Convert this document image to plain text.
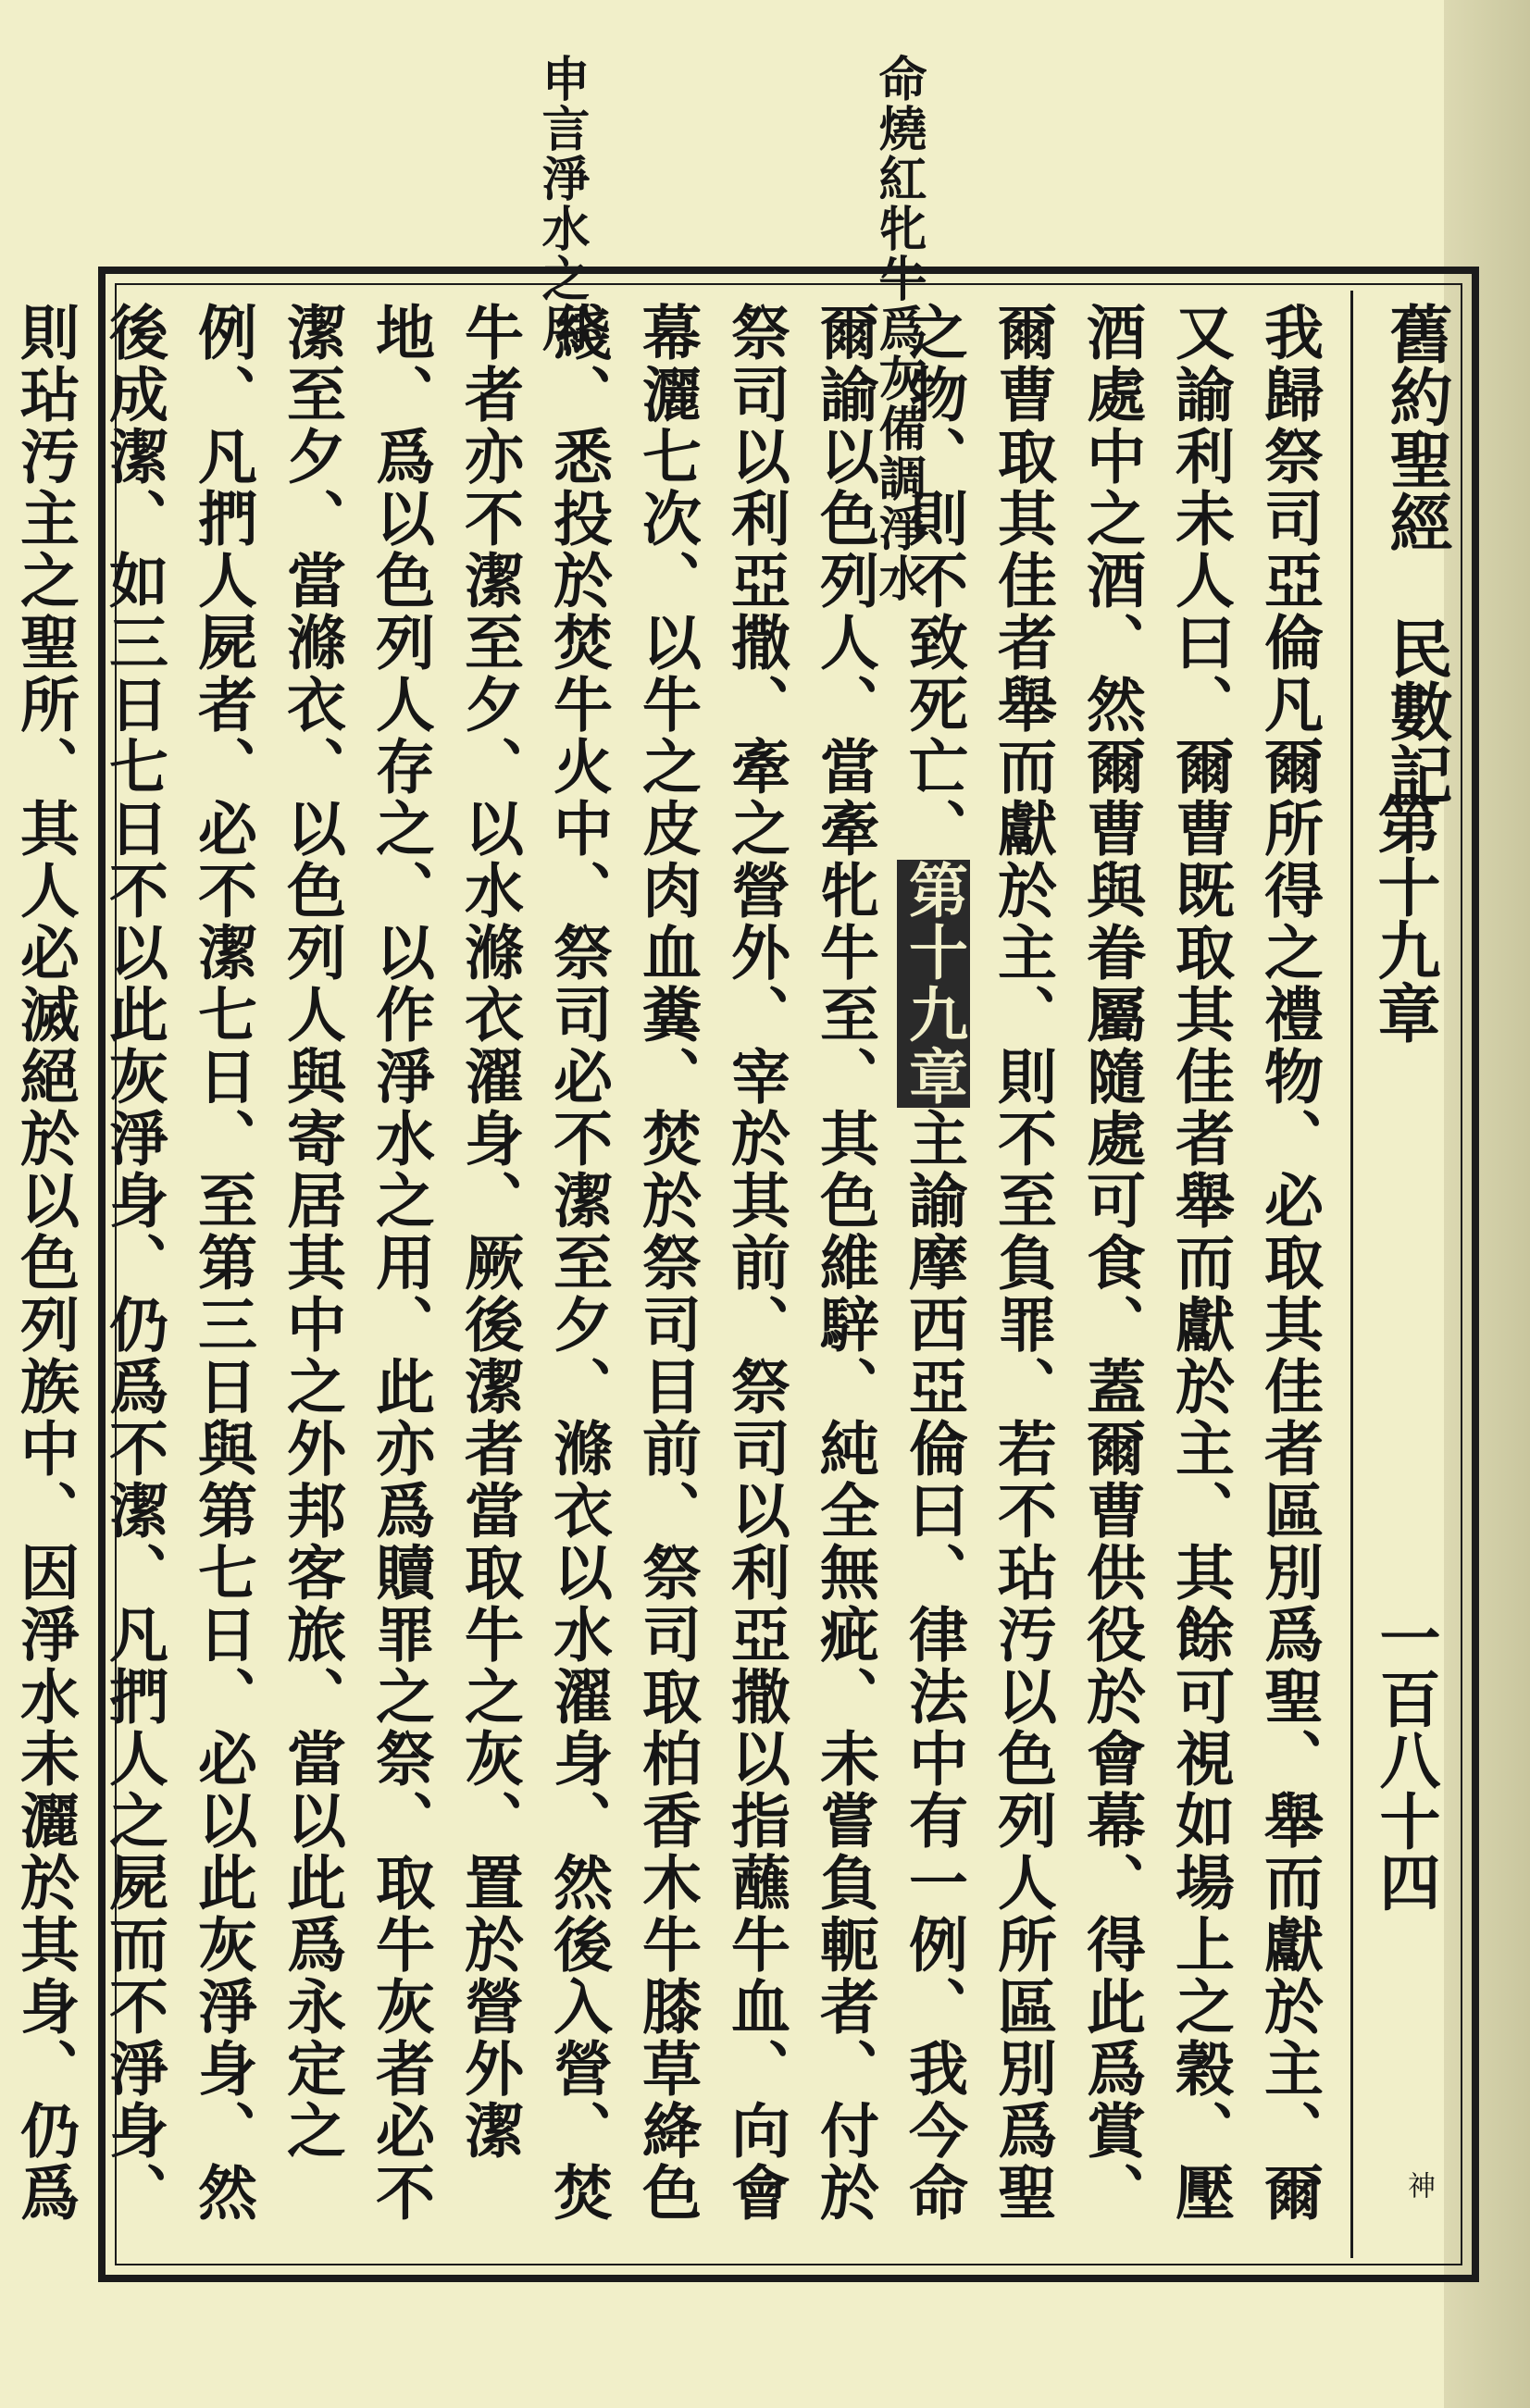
命燒紅牝牛爲灰備調淨水
申言淨水之用
舊約聖經　民數記
第十九章
一百八十四
神

我歸祭司亞倫凡爾所得之禮物、必取其佳者區別爲聖、舉而獻於主、爾又諭利未人曰、爾曹既取其佳者舉而獻於主、其餘可視如場上之穀、壓酒處中之酒、然爾曹與眷屬隨處可食、蓋爾曹供役於會幕、得此爲賞、爾曹取其佳者舉而獻於主、則不至負罪、若不玷汚以色列人所區別爲聖之物、則不致死亡、第十九章主諭摩西亞倫曰、律法中有一例、我今命爾諭以色列人、當牽牝牛至、其色維騂、純全無疵、未嘗負軛者、付於祭司以利亞撒、牽之營外、宰於其前、祭司以利亞撒以指蘸牛血、向會幕灑七次、以牛之皮肉血糞、焚於祭司目前、祭司取柏香木牛膝草絳色綫、悉投於焚牛火中、祭司必不潔至夕、滌衣以水濯身、然後入營、焚牛者亦不潔至夕、以水滌衣濯身、厥後潔者當取牛之灰、置於營外潔地、爲以色列人存之、以作淨水之用、此亦爲贖罪之祭、取牛灰者必不潔至夕、當滌衣、以色列人與寄居其中之外邦客旅、當以此爲永定之例、凡捫人屍者、必不潔七日、至第三日與第七日、必以此灰淨身、然後成潔、如三日七日不以此灰淨身、仍爲不潔、凡捫人之屍而不淨身、則玷汚主之聖所、其人必滅絕於以色列族中、因淨水未灑於其身、仍爲
